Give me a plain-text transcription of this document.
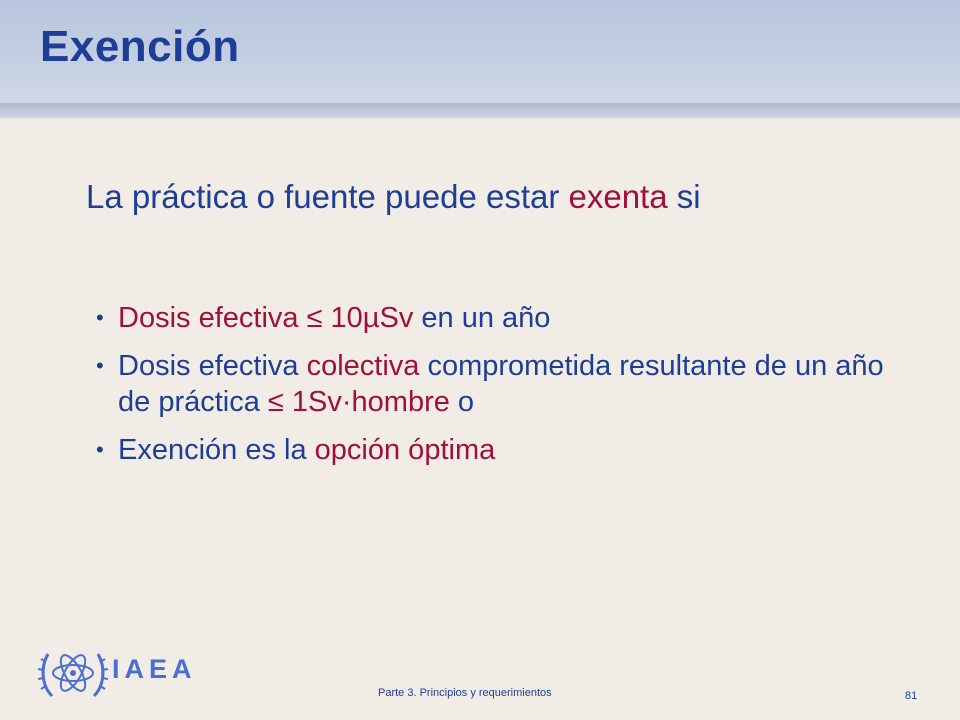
Exención

La práctica o fuente puede estar exenta si

• Dosis efectiva ≤ 10µSv en un año
• Dosis efectiva colectiva comprometida resultante de un año de práctica ≤ 1Sv·hombre o
• Exención es la opción óptima
IAEA
Parte 3. Principios y requerimientos	81
